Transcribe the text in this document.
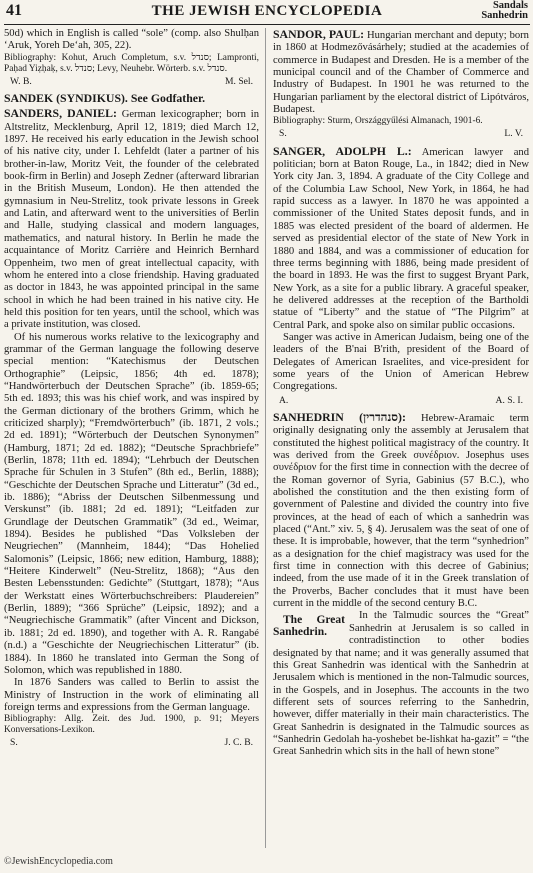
41	THE JEWISH ENCYCLOPEDIA	Sandals
Sanhedrin

50d) which in English is called “sole” (comp. also Shulḥan ‘Aruk, Yoreh De‘ah, 305, 22).

Bibliography: Kohut, Aruch Completum, s.v. סנדל; Lampronti, Paḥad Yiẓḥaḳ, s.v. סנדל; Levy, Neuhebr. Wörterb. s.v. סנדל.

W. B.	M. Sel.

SANDEK (SYNDIKUS). See Godfather.

SANDERS, DANIEL: German lexicographer; born in Altstrelitz, Mecklenburg, April 12, 1819; died March 12, 1897. He received his early education in the Jewish school of his native city, under I. Lehfeldt (later a partner of his brother-in-law, Moritz Veit, the founder of the celebrated book-firm in Berlin) and Joseph Zedner (afterward librarian in the British Museum, London). He then attended the gymnasium in Neu-Strelitz, took private lessons in Greek and Latin, and afterward went to the universities of Berlin and Halle, studying classical and modern languages, mathematics, and natural history. In Berlin he made the acquaintance of Moritz Carrière and Heinrich Bernhard Oppenheim, two men of great intellectual capacity, with whom he entered into a close friendship. Having graduated as doctor in 1843, he was appointed principal in the same school in which he had been trained in his native city. He held this position for ten years, until the school, which was a private institution, was closed.

Of his numerous works relative to the lexicography and grammar of the German language the following deserve special mention: “Katechismus der Deutschen Orthographie” (Leipsic, 1856; 4th ed. 1878); “Handwörterbuch der Deutschen Sprache” (ib. 1859-65; 5th ed. 1893; this was his chief work, and was inspired by the German dictionary of the brothers Grimm, which he criticized sharply); “Fremdwörterbuch” (ib. 1871, 2 vols.; 2d ed. 1891); “Wörterbuch der Deutschen Synonymen” (Hamburg, 1871; 2d ed. 1882); “Deutsche Sprachbriefe” (Berlin, 1878; 11th ed. 1894); “Lehrbuch der Deutschen Sprache für Schulen in 3 Stufen” (8th ed., Berlin, 1888); “Geschichte der Deutschen Sprache und Litteratur” (3d ed., ib. 1886); “Abriss der Deutschen Silbenmessung und Verskunst” (ib. 1881; 2d ed. 1891); “Leitfaden zur Grundlage der Deutschen Grammatik” (3d ed., Weimar, 1894). Besides he published “Das Volksleben der Neugriechen” (Mannheim, 1844); “Das Hohelied Salomonis” (Leipsic, 1866; new edition, Hamburg, 1888); “Heitere Kinderwelt” (Neu-Strelitz, 1868); “Aus den Besten Lebensstunden: Gedichte” (Stuttgart, 1878); “Aus der Werkstatt eines Wörterbuchschreibers: Plaudereien” (Berlin, 1889); “366 Sprüche” (Leipsic, 1892); and a “Neugriechische Grammatik” (after Vincent and Dickson, ib. 1881; 2d ed. 1890), and together with A. R. Rangabé (n.d.) a “Geschichte der Neugriechischen Litteratur” (ib. 1884). In 1860 he translated into German the Song of Solomon, which was republished in 1880.

In 1876 Sanders was called to Berlin to assist the Ministry of Instruction in the work of eliminating all foreign terms and expressions from the German language.

Bibliography: Allg. Zeit. des Jud. 1900, p. 91; Meyers Konversations-Lexikon.

S.	J. C. B.

SANDOR, PAUL: Hungarian merchant and deputy; born in 1860 at Hodmezővásárhely; studied at the academies of commerce in Budapest and Dresden. He is a member of the municipal council and of the Chamber of Commerce and Industry of Budapest. In 1901 he was returned to the Hungarian parliament by the electoral district of Lipótváros, Budapest.

Bibliography: Sturm, Országgyűlési Almanach, 1901-6.

S.	L. V.

SANGER, ADOLPH L.: American lawyer and politician; born at Baton Rouge, La., in 1842; died in New York city Jan. 3, 1894. A graduate of the City College and of the Columbia Law School, New York, in 1864, he had rapid success as a lawyer. In 1870 he was appointed a commissioner of the United States deposit funds, and in 1885 was elected president of the board of aldermen. He served as presidential elector of the state of New York in 1880 and 1884, and was a commissioner of education for three terms beginning with 1886, being made president of the board in 1893. He was the first to suggest Bryant Park, New York, as a site for a public library. A graceful speaker, he delivered addresses at the reception of the Bartholdi statue of “Liberty” and the statue of “The Pilgrim” at Central Park, and spoke also on similar public occasions.

Sanger was active in American Judaism, being one of the leaders of the B'nai B'rith, president of the Board of Delegates of American Israelites, and vice-president for some years of the Union of American Hebrew Congregations.

A.	A. S. I.

SANHEDRIN (סנהדרין): Hebrew-Aramaic term originally designating only the assembly at Jerusalem that constituted the highest political magistracy of the country. It was derived from the Greek συνέδριον. Josephus uses συνέδριον for the first time in connection with the decree of the Roman governor of Syria, Gabinius (57 B.C.), who abolished the constitution and the then existing form of government of Palestine and divided the country into five provinces, at the head of each of which a sanhedrin was placed (“Ant.” xiv. 5, § 4). Jerusalem was the seat of one of these. It is improbable, however, that the term “synhedrion” as a designation for the chief magistracy was used for the first time in connection with this decree of Gabinius; indeed, from the use made of it in the Greek translation of the Proverbs, Bacher concludes that it must have been current in the middle of the second century B.C.

The Great Sanhedrin.
In the Talmudic sources the “Great” Sanhedrin at Jerusalem is so called in contradistinction to other bodies designated by that name; and it was generally assumed that this Great Sanhedrin was identical with the Sanhedrin at Jerusalem which is mentioned in the non-Talmudic sources, in the Gospels, and in Josephus. The accounts in the two different sets of sources referring to the Sanhedrin, however, differ materially in their main characteristics. The Great Sanhedrin is designated in the Talmudic sources as “Sanhedrin Gedolah ha-yoshebet be-lishkat ha-gazit” = “the Great Sanhedrin which sits in the hall of hewn stone”

©JewishEncyclopedia.com
